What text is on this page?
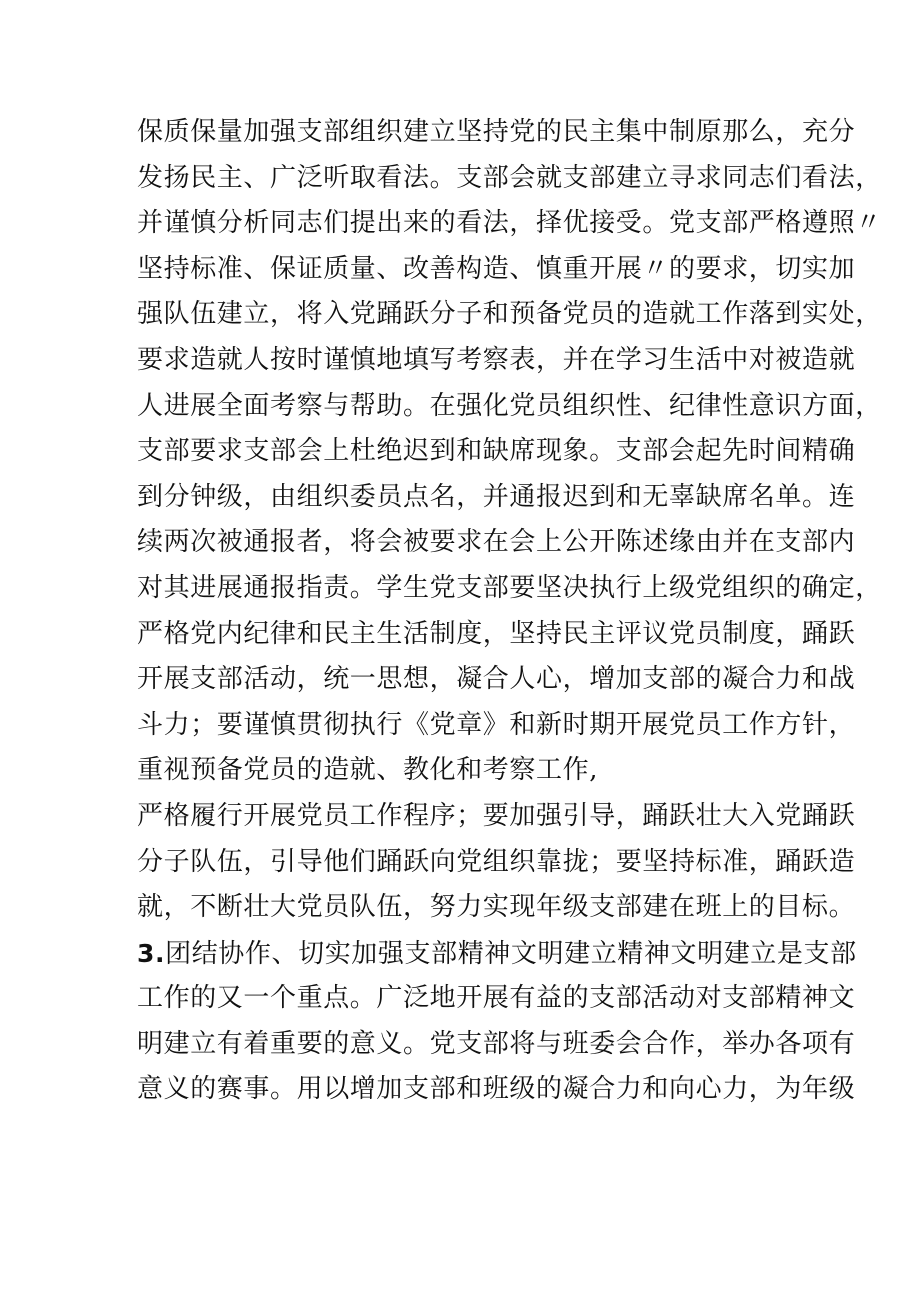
保质保量加强支部组织建立坚持党的民主集中制原那么，充分
发扬民主、广泛听取看法。支部会就支部建立寻求同志们看法，
并谨慎分析同志们提出来的看法，择优接受。党支部严格遵照〃
坚持标准、保证质量、改善构造、慎重开展〃的要求，切实加
强队伍建立，将入党踊跃分子和预备党员的造就工作落到实处，
要求造就人按时谨慎地填写考察表，并在学习生活中对被造就
人进展全面考察与帮助。在强化党员组织性、纪律性意识方面，
支部要求支部会上杜绝迟到和缺席现象。支部会起先时间精确
到分钟级，由组织委员点名，并通报迟到和无辜缺席名单。连
续两次被通报者，将会被要求在会上公开陈述缘由并在支部内
对其进展通报指责。学生党支部要坚决执行上级党组织的确定，
严格党内纪律和民主生活制度，坚持民主评议党员制度，踊跃
开展支部活动，统一思想，凝合人心，增加支部的凝合力和战
斗力；要谨慎贯彻执行《党章》和新时期开展党员工作方针，
重视预备党员的造就、教化和考察工作,
严格履行开展党员工作程序；要加强引导，踊跃壮大入党踊跃
分子队伍，引导他们踊跃向党组织靠拢；要坚持标准，踊跃造
就，不断壮大党员队伍，努力实现年级支部建在班上的目标。
3.团结协作、切实加强支部精神文明建立精神文明建立是支部
工作的又一个重点。广泛地开展有益的支部活动对支部精神文
明建立有着重要的意义。党支部将与班委会合作，举办各项有
意义的赛事。用以增加支部和班级的凝合力和向心力，为年级
